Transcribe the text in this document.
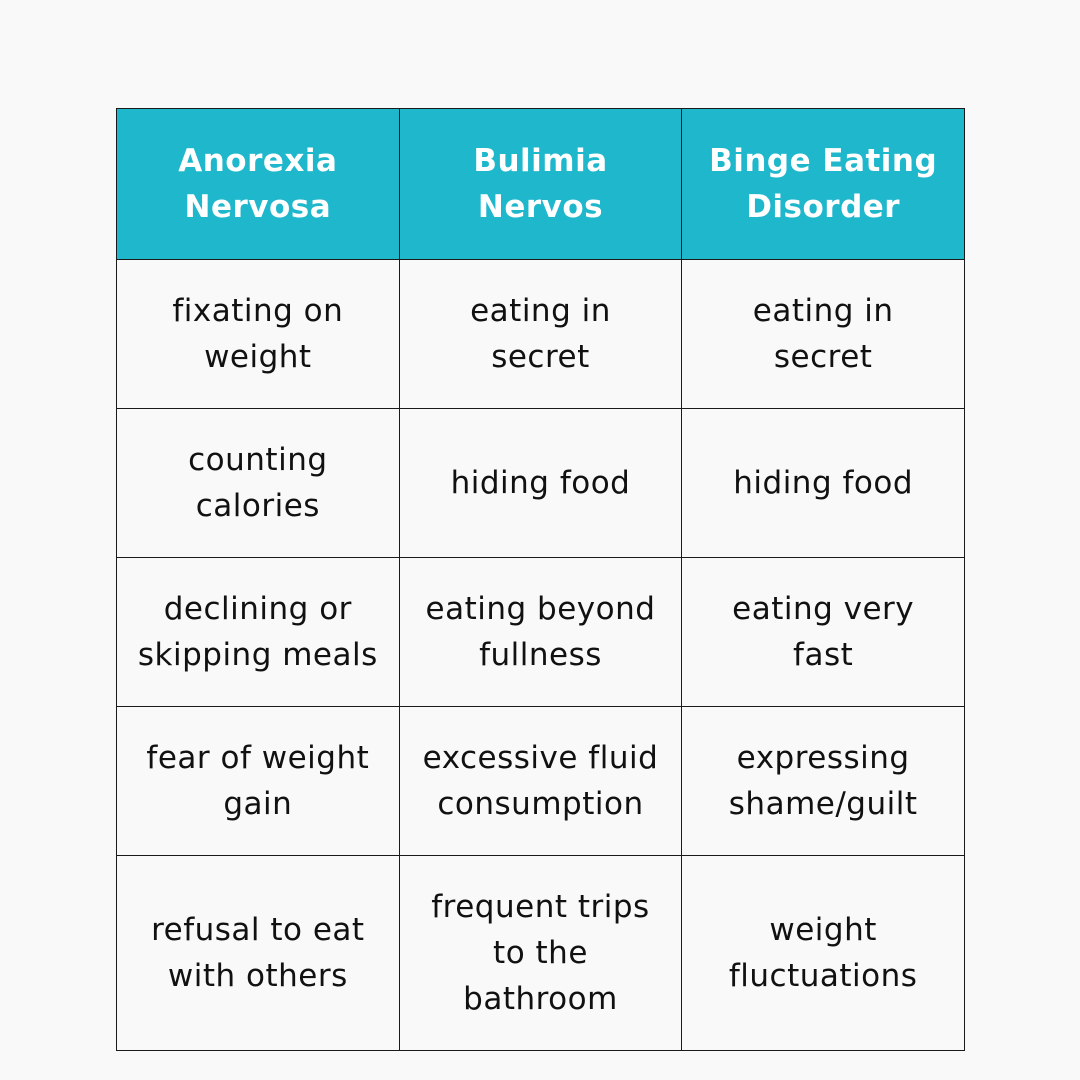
Anorexia Nervosa	Bulimia Nervos	Binge Eating Disorder
fixating on weight	eating in secret	eating in secret
counting calories	hiding food	hiding food
declining or skipping meals	eating beyond fullness	eating very fast
fear of weight gain	excessive fluid consumption	expressing shame/guilt
refusal to eat with others	frequent trips to the bathroom	weight fluctuations
